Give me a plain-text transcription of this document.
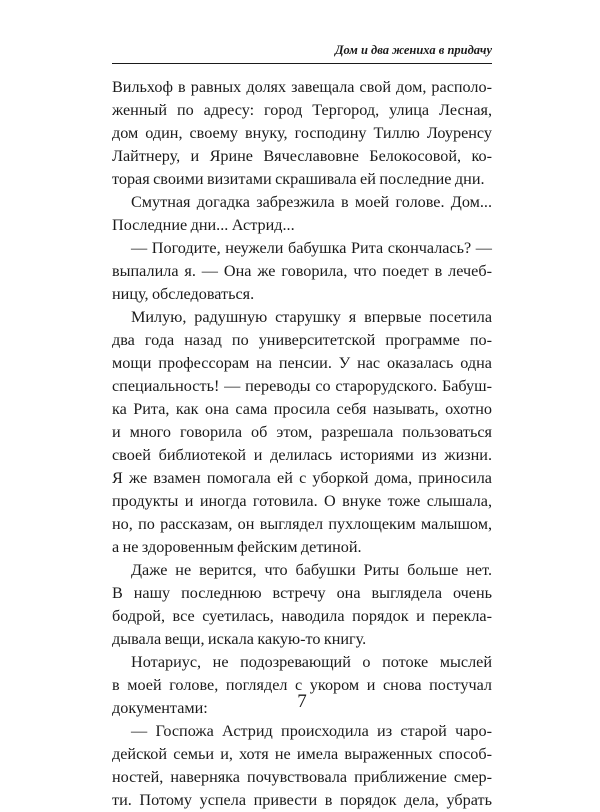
Дом и два жениха в придачу
Вильхоф в равных долях завещала свой дом, располо-
женный по адресу: город Тергород, улица Лесная,
дом один, своему внуку, господину Тиллю Лоуренсу
Лайтнеру, и Ярине Вячеславовне Белокосовой, ко-
торая своими визитами скрашивала ей последние дни.
Смутная догадка забрезжила в моей голове. Дом...
Последние дни... Астрид...
— Погодите, неужели бабушка Рита скончалась? —
выпалила я. — Она же говорила, что поедет в лечеб-
ницу, обследоваться.
Милую, радушную старушку я впервые посетила
два года назад по университетской программе по-
мощи профессорам на пенсии. У нас оказалась одна
специальность! — переводы со старорудского. Бабуш-
ка Рита, как она сама просила себя называть, охотно
и много говорила об этом, разрешала пользоваться
своей библиотекой и делилась историями из жизни.
Я же взамен помогала ей с уборкой дома, приносила
продукты и иногда готовила. О внуке тоже слышала,
но, по рассказам, он выглядел пухлощеким малышом,
а не здоровенным фейским детиной.
Даже не верится, что бабушки Риты больше нет.
В нашу последнюю встречу она выглядела очень
бодрой, все суетилась, наводила порядок и перекла-
дывала вещи, искала какую-то книгу.
Нотариус, не подозревающий о потоке мыслей
в моей голове, поглядел с укором и снова постучал
документами:
— Госпожа Астрид происходила из старой чаро-
дейской семьи и, хотя не имела выраженных способ-
ностей, наверняка почувствовала приближение смер-
ти. Потому успела привести в порядок дела, убрать
7
